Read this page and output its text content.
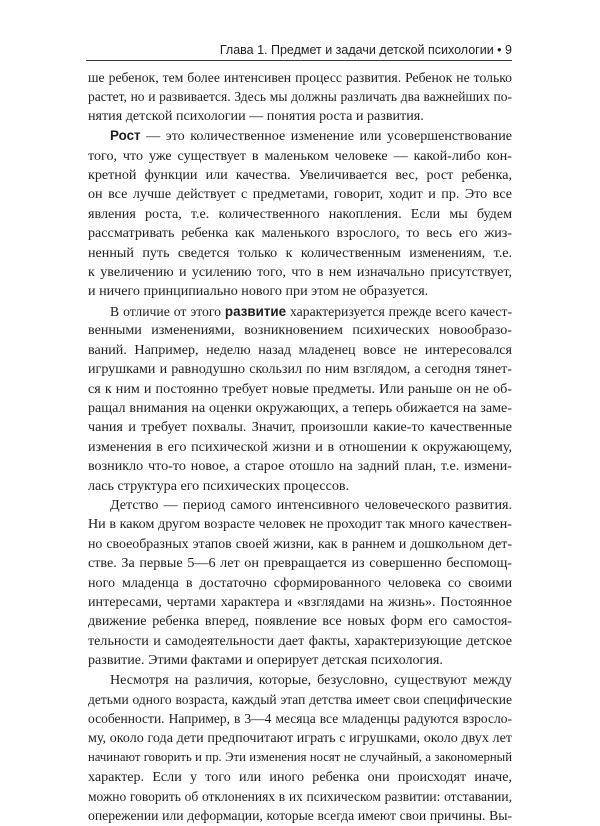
Глава 1. Предмет и задачи детской психологии • 9
ше ребенок, тем более интенсивен процесс развития. Ребенок не только
растет, но и развивается. Здесь мы должны различать два важнейших по-
нятия детской психологии — понятия роста и развития.
Рост — это количественное изменение или усовершенствование
того, что уже существует в маленьком человеке — какой-либо кон-
кретной функции или качества. Увеличивается вес, рост ребенка,
он все лучше действует с предметами, говорит, ходит и пр. Это все
явления роста, т.е. количественного накопления. Если мы будем
рассматривать ребенка как маленького взрослого, то весь его жиз-
ненный путь сведется только к количественным изменениям, т.е.
к увеличению и усилению того, что в нем изначально присутствует,
и ничего принципиально нового при этом не образуется.
В отличие от этого развитие характеризуется прежде всего качест-
венными изменениями, возникновением психических новообразо-
ваний. Например, неделю назад младенец вовсе не интересовался
игрушками и равнодушно скользил по ним взглядом, а сегодня тянет-
ся к ним и постоянно требует новые предметы. Или раньше он не об-
ращал внимания на оценки окружающих, а теперь обижается на заме-
чания и требует похвалы. Значит, произошли какие-то качественные
изменения в его психической жизни и в отношении к окружающему,
возникло что-то новое, а старое отошло на задний план, т.е. измени-
лась структура его психических процессов.
Детство — период самого интенсивного человеческого развития.
Ни в каком другом возрасте человек не проходит так много качествен-
но своеобразных этапов своей жизни, как в раннем и дошкольном дет-
стве. За первые 5—6 лет он превращается из совершенно беспомощ-
ного младенца в достаточно сформированного человека со своими
интересами, чертами характера и «взглядами на жизнь». Постоянное
движение ребенка вперед, появление все новых форм его самостоя-
тельности и самодеятельности дает факты, характеризующие детское
развитие. Этими фактами и оперирует детская психология.
Несмотря на различия, которые, безусловно, существуют между
детьми одного возраста, каждый этап детства имеет свои специфические
особенности. Например, в 3—4 месяца все младенцы радуются взросло-
му, около года дети предпочитают играть с игрушками, около двух лет
начинают говорить и пр. Эти изменения носят не случайный, а закономерный
характер. Если у того или иного ребенка они происходят иначе,
можно говорить об отклонениях в их психическом развитии: отставании,
опережении или деформации, которые всегда имеют свои причины. Вы-
